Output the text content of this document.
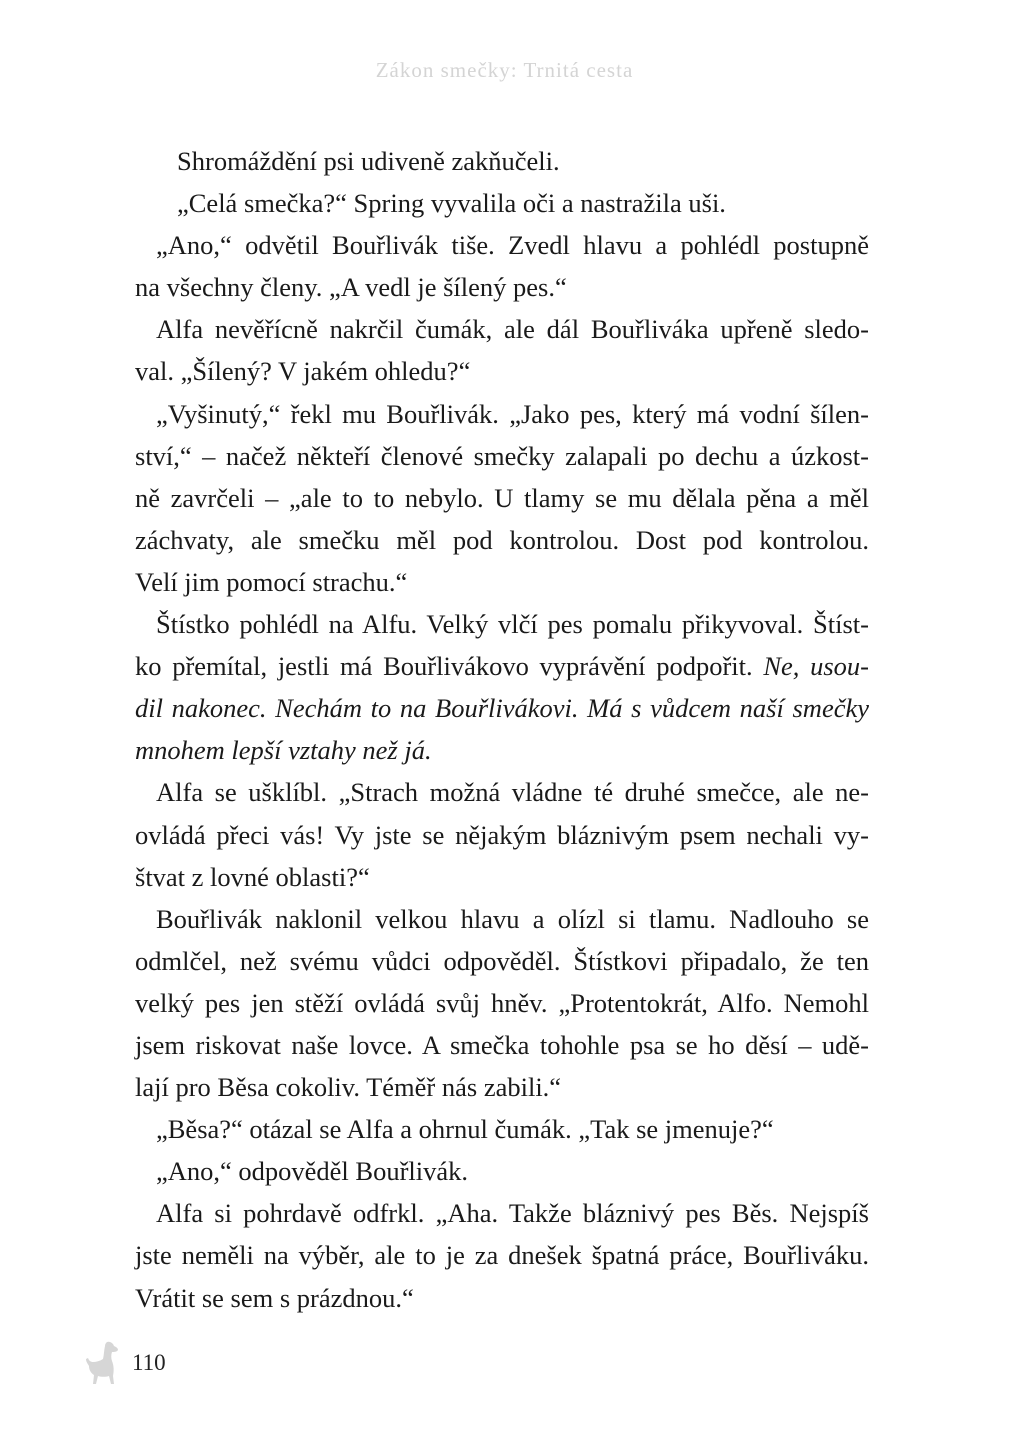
Zákon smečky: Trnitá cesta

Shromáždění psi udiveně zakňučeli.

„Celá smečka?“ Spring vyvalila oči a nastražila uši.

„Ano,“ odvětil Bouřlivák tiše. Zvedl hlavu a pohlédl postupně
na všechny členy. „A vedl je šílený pes.“

Alfa nevěřícně nakrčil čumák, ale dál Bouřliváka upřeně sledo-
val. „Šílený? V jakém ohledu?“

„Vyšinutý,“ řekl mu Bouřlivák. „Jako pes, který má vodní šílen-
ství,“ – načež někteří členové smečky zalapali po dechu a úzkost-
ně zavrčeli – „ale to to nebylo. U tlamy se mu dělala pěna a měl
záchvaty, ale smečku měl pod kontrolou. Dost pod kontrolou.
Velí jim pomocí strachu.“

Štístko pohlédl na Alfu. Velký vlčí pes pomalu přikyvoval. Štíst-
ko přemítal, jestli má Bouřlivákovo vyprávění podpořit. Ne, usou-
dil nakonec. Nechám to na Bouřlivákovi. Má s vůdcem naší smečky
mnohem lepší vztahy než já.

Alfa se ušklíbl. „Strach možná vládne té druhé smečce, ale ne-
ovládá přeci vás! Vy jste se nějakým bláznivým psem nechali vy-
štvat z lovné oblasti?“

Bouřlivák naklonil velkou hlavu a olízl si tlamu. Nadlouho se
odmlčel, než svému vůdci odpověděl. Štístkovi připadalo, že ten
velký pes jen stěží ovládá svůj hněv. „Protentokrát, Alfo. Nemohl
jsem riskovat naše lovce. A smečka tohohle psa se ho děsí – udě-
lají pro Běsa cokoliv. Téměř nás zabili.“

„Běsa?“ otázal se Alfa a ohrnul čumák. „Tak se jmenuje?“

„Ano,“ odpověděl Bouřlivák.

Alfa si pohrdavě odfrkl. „Aha. Takže bláznivý pes Běs. Nejspíš
jste neměli na výběr, ale to je za dnešek špatná práce, Bouřliváku.
Vrátit se sem s prázdnou.“

110
